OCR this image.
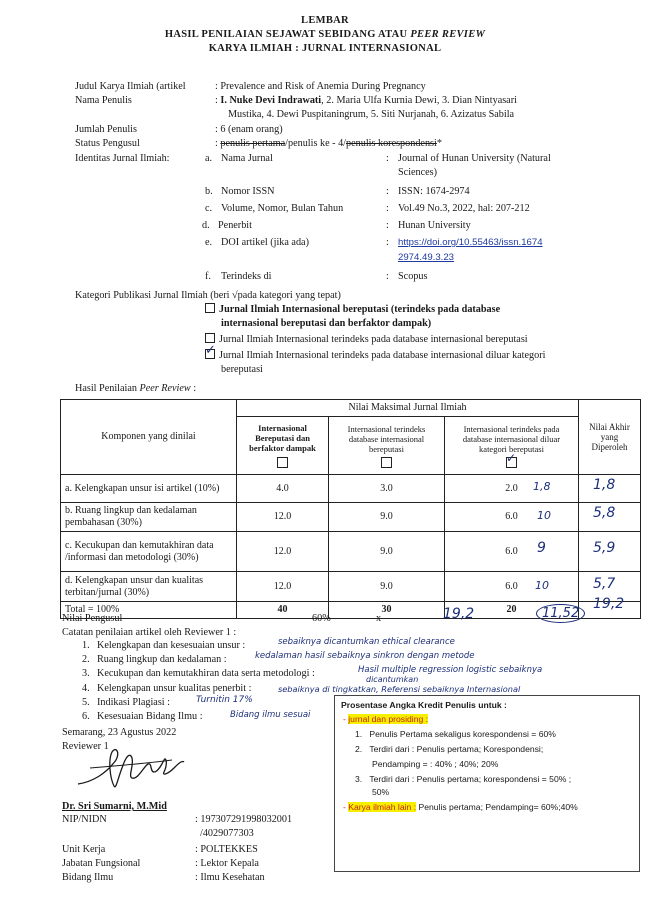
LEMBAR
HASIL PENILAIAN SEJAWAT SEBIDANG ATAU PEER REVIEW
KARYA ILMIAH : JURNAL INTERNASIONAL
Judul Karya Ilmiah (artikel	: Prevalence and Risk of Anemia During Pregnancy
Nama Penulis	: I. Nuke Devi Indrawati, 2. Maria Ulfa Kurnia Dewi, 3. Dian Nintyasari
Mustika, 4. Dewi Puspitaningrum, 5. Siti Nurjanah, 6. Azizatus Sabila
Jumlah Penulis	: 6 (enam orang)
Status Pengusul	: penulis pertama/penulis ke - 4/penulis korespondensi*
Identitas Jurnal Ilmiah:	a. Nama Jurnal	: Journal of Hunan University (Natural
Sciences)
b. Nomor ISSN	: ISSN: 1674-2974
c. Volume, Nomor, Bulan Tahun	: Vol.49 No.3, 2022, hal: 207-212
d. Penerbit	: Hunan University
e. DOI artikel (jika ada)	: https://doi.org/10.55463/issn.1674
2974.49.3.23
f. Terindeks di	: Scopus
Kategori Publikasi Jurnal Ilmiah (beri √pada kategori yang tepat)
Jurnal Ilmiah Internasional bereputasi (terindeks pada database
internasional bereputasi dan berfaktor dampak)
Jurnal Ilmiah Internasional terindeks pada database internasional bereputasi
✓ Jurnal Ilmiah Internasional terindeks pada database internasional diluar kategori
bereputasi
Hasil Penilaian Peer Review :
Komponen yang dinilai	Nilai Maksimal Jurnal Ilmiah			Nilai Akhir yang Diperoleh

	Internasional Bereputasi dan berfaktor dampak	Internasional terindeks database internasional bereputasi	Internasional terindeks pada database internasional diluar kategori bereputasi
✓	

a. Kelengkapan unsur isi artikel (10%)	4.0	3.0	2.0 1,8	1,8

b. Ruang lingkup dan kedalaman pembahasan (30%)	12.0	9.0	6.0 10	5,8

c. Kecukupan dan kemutakhiran data /informasi dan metodologi (30%)	12.0	9.0	6.0 9	5,9

d. Kelengkapan unsur dan kualitas terbitan/jurnal (30%)	12.0	9.0	6.0 10	5,7

Total = 100%	40	30	20	19,2
Nilai Pengusul	60%	x	19,2	11,52
Catatan penilaian artikel oleh Reviewer 1 :
1. Kelengkapan dan kesesuaian unsur :	sebaiknya dicantumkan ethical clearance
2. Ruang lingkup dan kedalaman :	kedalaman hasil sebaiknya sinkron dengan metode
3. Kecukupan dan kemutakhiran data serta metodologi :	Hasil multiple regression logistic sebaiknya
4. Kelengkapan unsur kualitas penerbit :
dicantumkan
sebaiknya di tingkatkan, Referensi sebaiknya Internasional
5. Indikasi Plagiasi :	Turnitin 17%
6. Kesesuaian Bidang Ilmu :	Bidang ilmu sesuai
Semarang, 23 Agustus 2022
Reviewer 1
Dr. Sri Sumarni, M.Mid
NIP/NIDN	: 197307291998032001
/4029077303
Unit Kerja	: POLTEKKES
Jabatan Fungsional	: Lektor Kepala
Bidang Ilmu	: Ilmu Kesehatan
Prosentase Angka Kredit Penulis untuk :
- jurnal dan prosiding :
1.   Penulis Pertama sekaligus korespondensi = 60%
2.   Terdiri dari : Penulis pertama; Korespondensi;
Pendamping = : 40% ; 40%; 20%
3.   Terdiri dari : Penulis pertama; korespondensi = 50% ;
50%
- Karya ilmiah lain : Penulis pertama; Pendamping= 60%;40%
